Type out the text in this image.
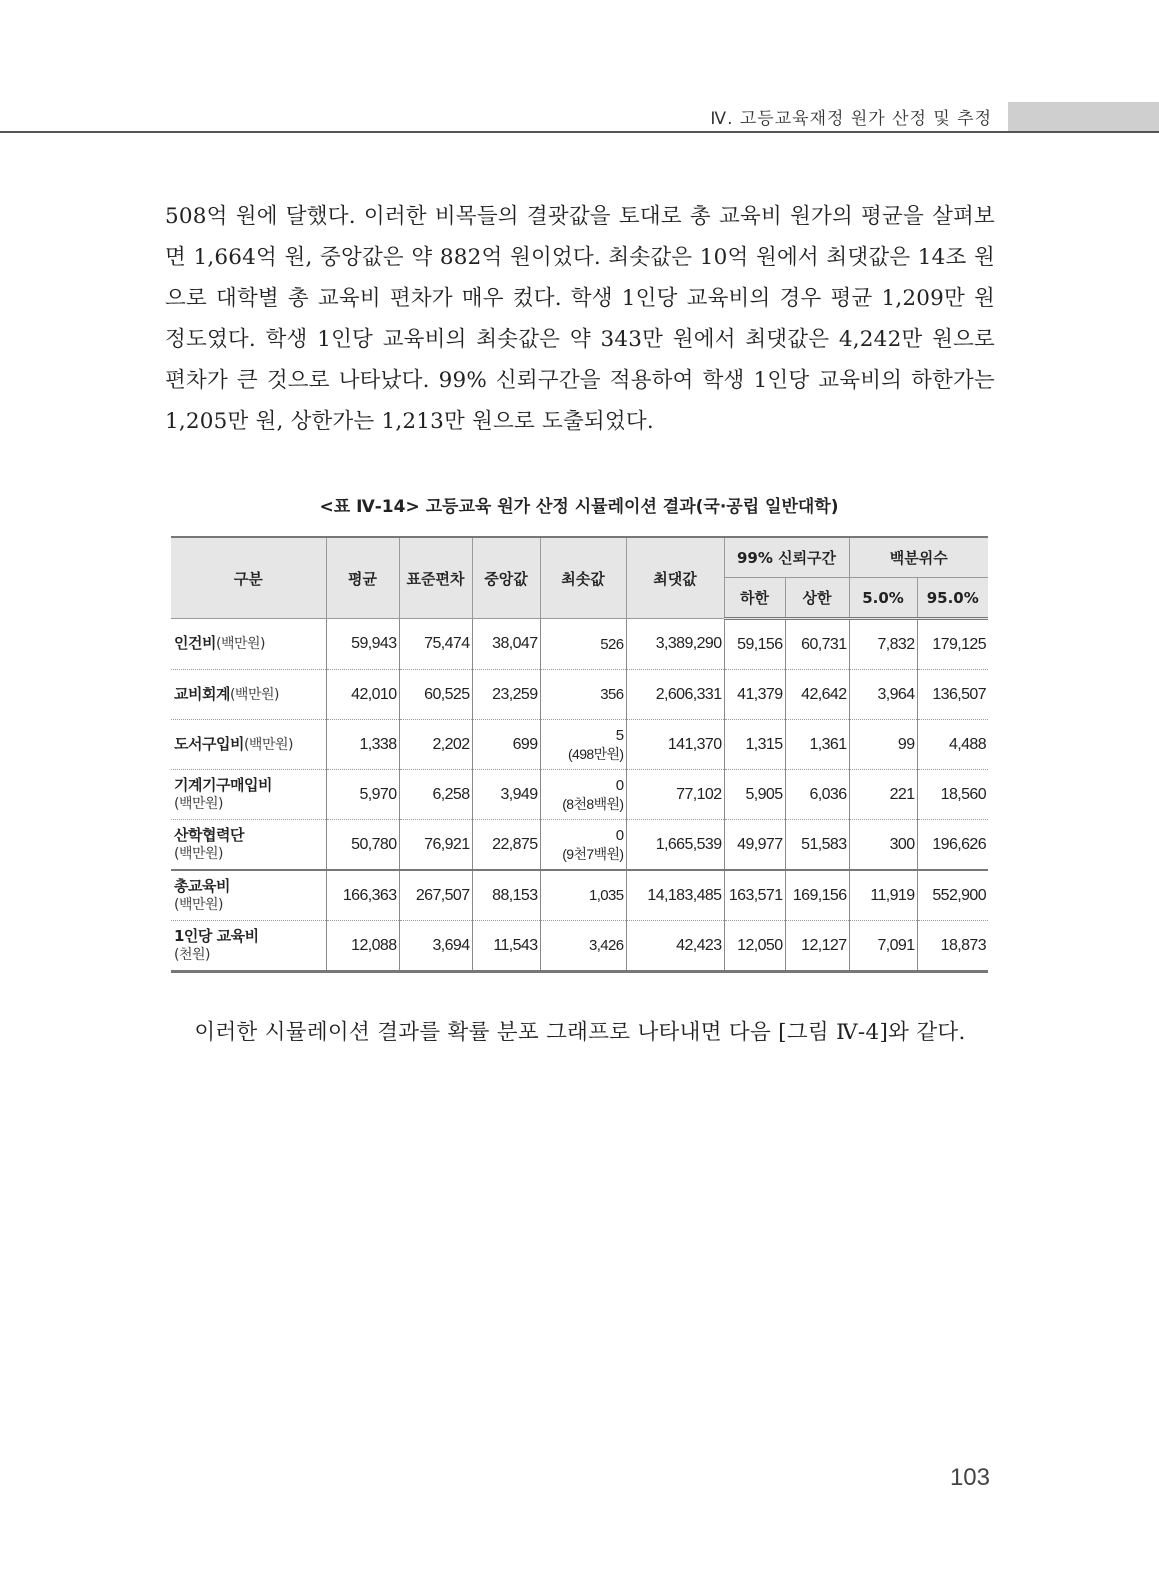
Ⅳ. 고등교육재정 원가 산정 및 추정
508억 원에 달했다. 이러한 비목들의 결괏값을 토대로 총 교육비 원가의 평균을 살펴보면 1,664억 원, 중앙값은 약 882억 원이었다. 최솟값은 10억 원에서 최댓값은 14조 원으로 대학별 총 교육비 편차가 매우 컸다. 학생 1인당 교육비의 경우 평균 1,209만 원 정도였다. 학생 1인당 교육비의 최솟값은 약 343만 원에서 최댓값은 4,242만 원으로 편차가 큰 것으로 나타났다. 99% 신뢰구간을 적용하여 학생 1인당 교육비의 하한가는 1,205만 원, 상한가는 1,213만 원으로 도출되었다.
<표 Ⅳ-14> 고등교육 원가 산정 시뮬레이션 결과(국·공립 일반대학)
구분	평균	표준편차	중앙값	최솟값	최댓값	99% 신뢰구간		백분위수	
						하한	상한	5.0%	95.0%
인건비(백만원)	59,943	75,474	38,047	526	3,389,290	59,156	60,731	7,832	179,125
교비회계(백만원)	42,010	60,525	23,259	356	2,606,331	41,379	42,642	3,964	136,507
도서구입비(백만원)	1,338	2,202	699	5
(498만원)	141,370	1,315	1,361	99	4,488

기계기구매입비
(백만원)	5,970	6,258	3,949	0
(8천8백원)	77,102	5,905	6,036	221	18,560

산학협력단
(백만원)	50,780	76,921	22,875	0
(9천7백원)	1,665,539	49,977	51,583	300	196,626

총교육비
(백만원)	166,363	267,507	88,153	1,035	14,183,485	163,571	169,156	11,919	552,900

1인당 교육비
(천원)	12,088	3,694	11,543	3,426	42,423	12,050	12,127	7,091	18,873
이러한 시뮬레이션 결과를 확률 분포 그래프로 나타내면 다음 [그림 Ⅳ-4]와 같다.
103
